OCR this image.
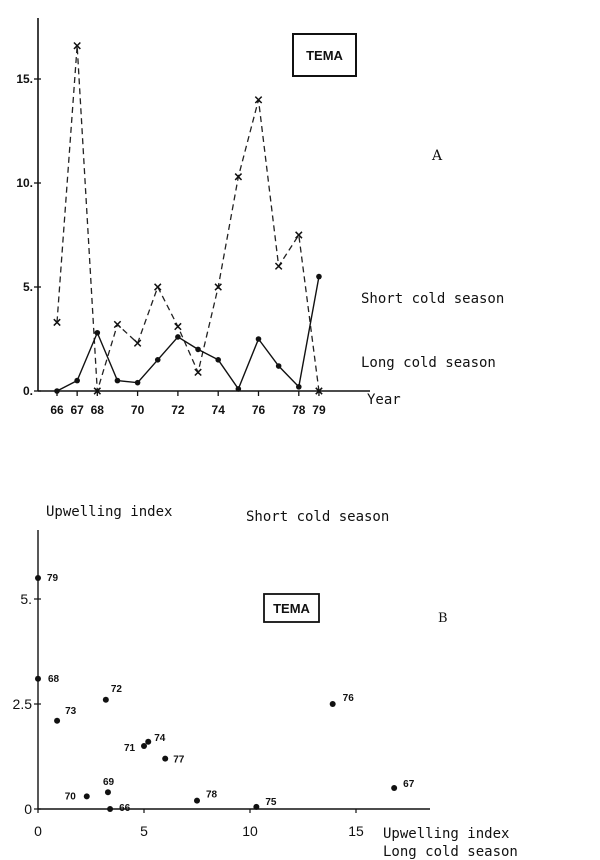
0.
5.
10.
15.
66 67 68 70 72 74 76 78 79
Year
TEMA
A
Short cold season
Long cold season
0
2.5
5.
0	5	10	15
Upwelling index	Short cold season
Upwelling index
Long cold season
TEMA
B
79
68
73
72
71
74
77
69
70
66
78
75
76
67
